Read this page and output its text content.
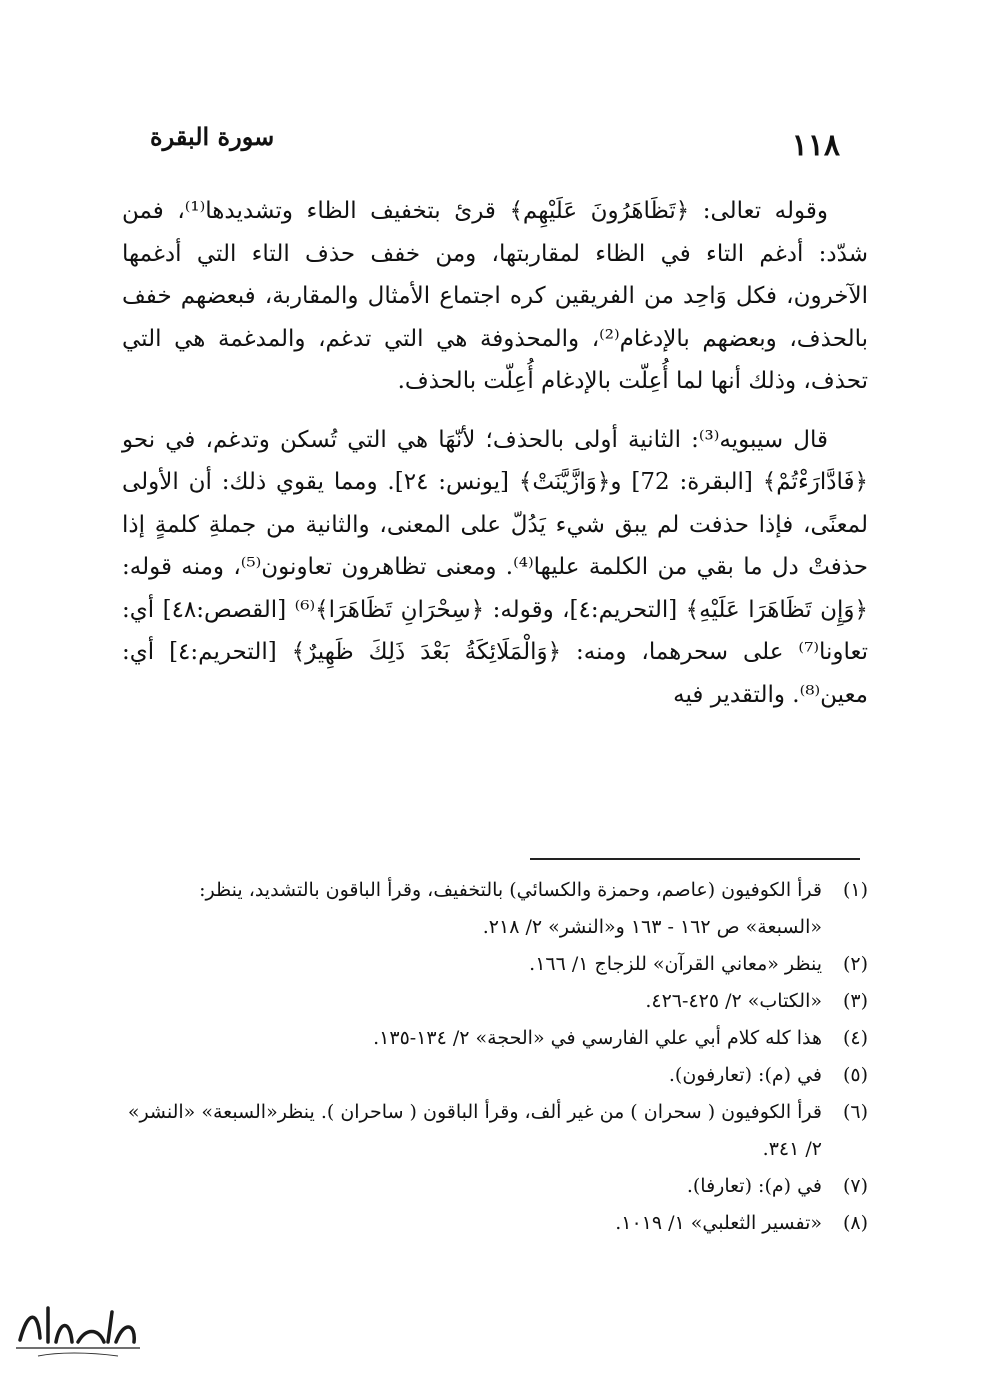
١١٨
سورة البقرة

وقوله تعالى: ﴿تَظَاهَرُونَ عَلَيْهِم﴾ قرئ بتخفيف الظاء وتشديدها⁽¹⁾، فمن شدّد: أدغم التاء في الظاء لمقاربتها، ومن خفف حذف التاء التي أدغمها الآخرون، فكل وَاحِد من الفريقين كره اجتماع الأمثال والمقاربة، فبعضهم خفف بالحذف، وبعضهم بالإدغام⁽²⁾، والمحذوفة هي التي تدغم، والمدغمة هي التي تحذف، وذلك أنها لما أُعِلّت بالإدغام أُعِلّت بالحذف.

قال سيبويه⁽³⁾: الثانية أولى بالحذف؛ لأنّهَا هي التي تُسكن وتدغم، في نحو ﴿فَادَّارَءْتُمْ﴾ [البقرة: 72] و﴿وَازَّيَّنَتْ﴾ [يونس: ٢٤]. ومما يقوي ذلك: أن الأولى لمعنًى، فإذا حذفت لم يبق شيء يَدُلّ على المعنى، والثانية من جملةِ كلمةٍ إذا حذفتْ دل ما بقي من الكلمة عليها⁽⁴⁾. ومعنى تظاهرون تعاونون⁽⁵⁾، ومنه قوله: ﴿وَإِن تَظَاهَرَا عَلَيْهِ﴾ [التحريم:٤]، وقوله: ﴿سِحْرَانِ تَظَاهَرَا﴾⁽⁶⁾ [القصص:٤٨] أي: تعاونا⁽⁷⁾ على سحرهما، ومنه: ﴿وَالْمَلَائِكَةُ بَعْدَ ذَلِكَ ظَهِيرٌ﴾ [التحريم:٤] أي: معين⁽⁸⁾. والتقدير فيه

(١)
قرأ الكوفيون (عاصم، وحمزة والكسائي) بالتخفيف، وقرأ الباقون بالتشديد، ينظر: «السبعة» ص ١٦٢ - ١٦٣ و«النشر» ٢/ ٢١٨.
(٢)
ينظر «معاني القرآن» للزجاج ١/ ١٦٦.
(٣)
«الكتاب» ٢/ ٤٢٥-٤٢٦.
(٤)
هذا كله كلام أبي علي الفارسي في «الحجة» ٢/ ١٣٤-١٣٥.
(٥)
في (م): (تعارفون).
(٦)
قرأ الكوفيون ( سحران ) من غير ألف، وقرأ الباقون ( ساحران ). ينظر«السبعة» «النشر» ٢/ ٣٤١.
(٧)
في (م): (تعارفا).
(٨)
«تفسير الثعلبي» ١/ ١٠١٩.
